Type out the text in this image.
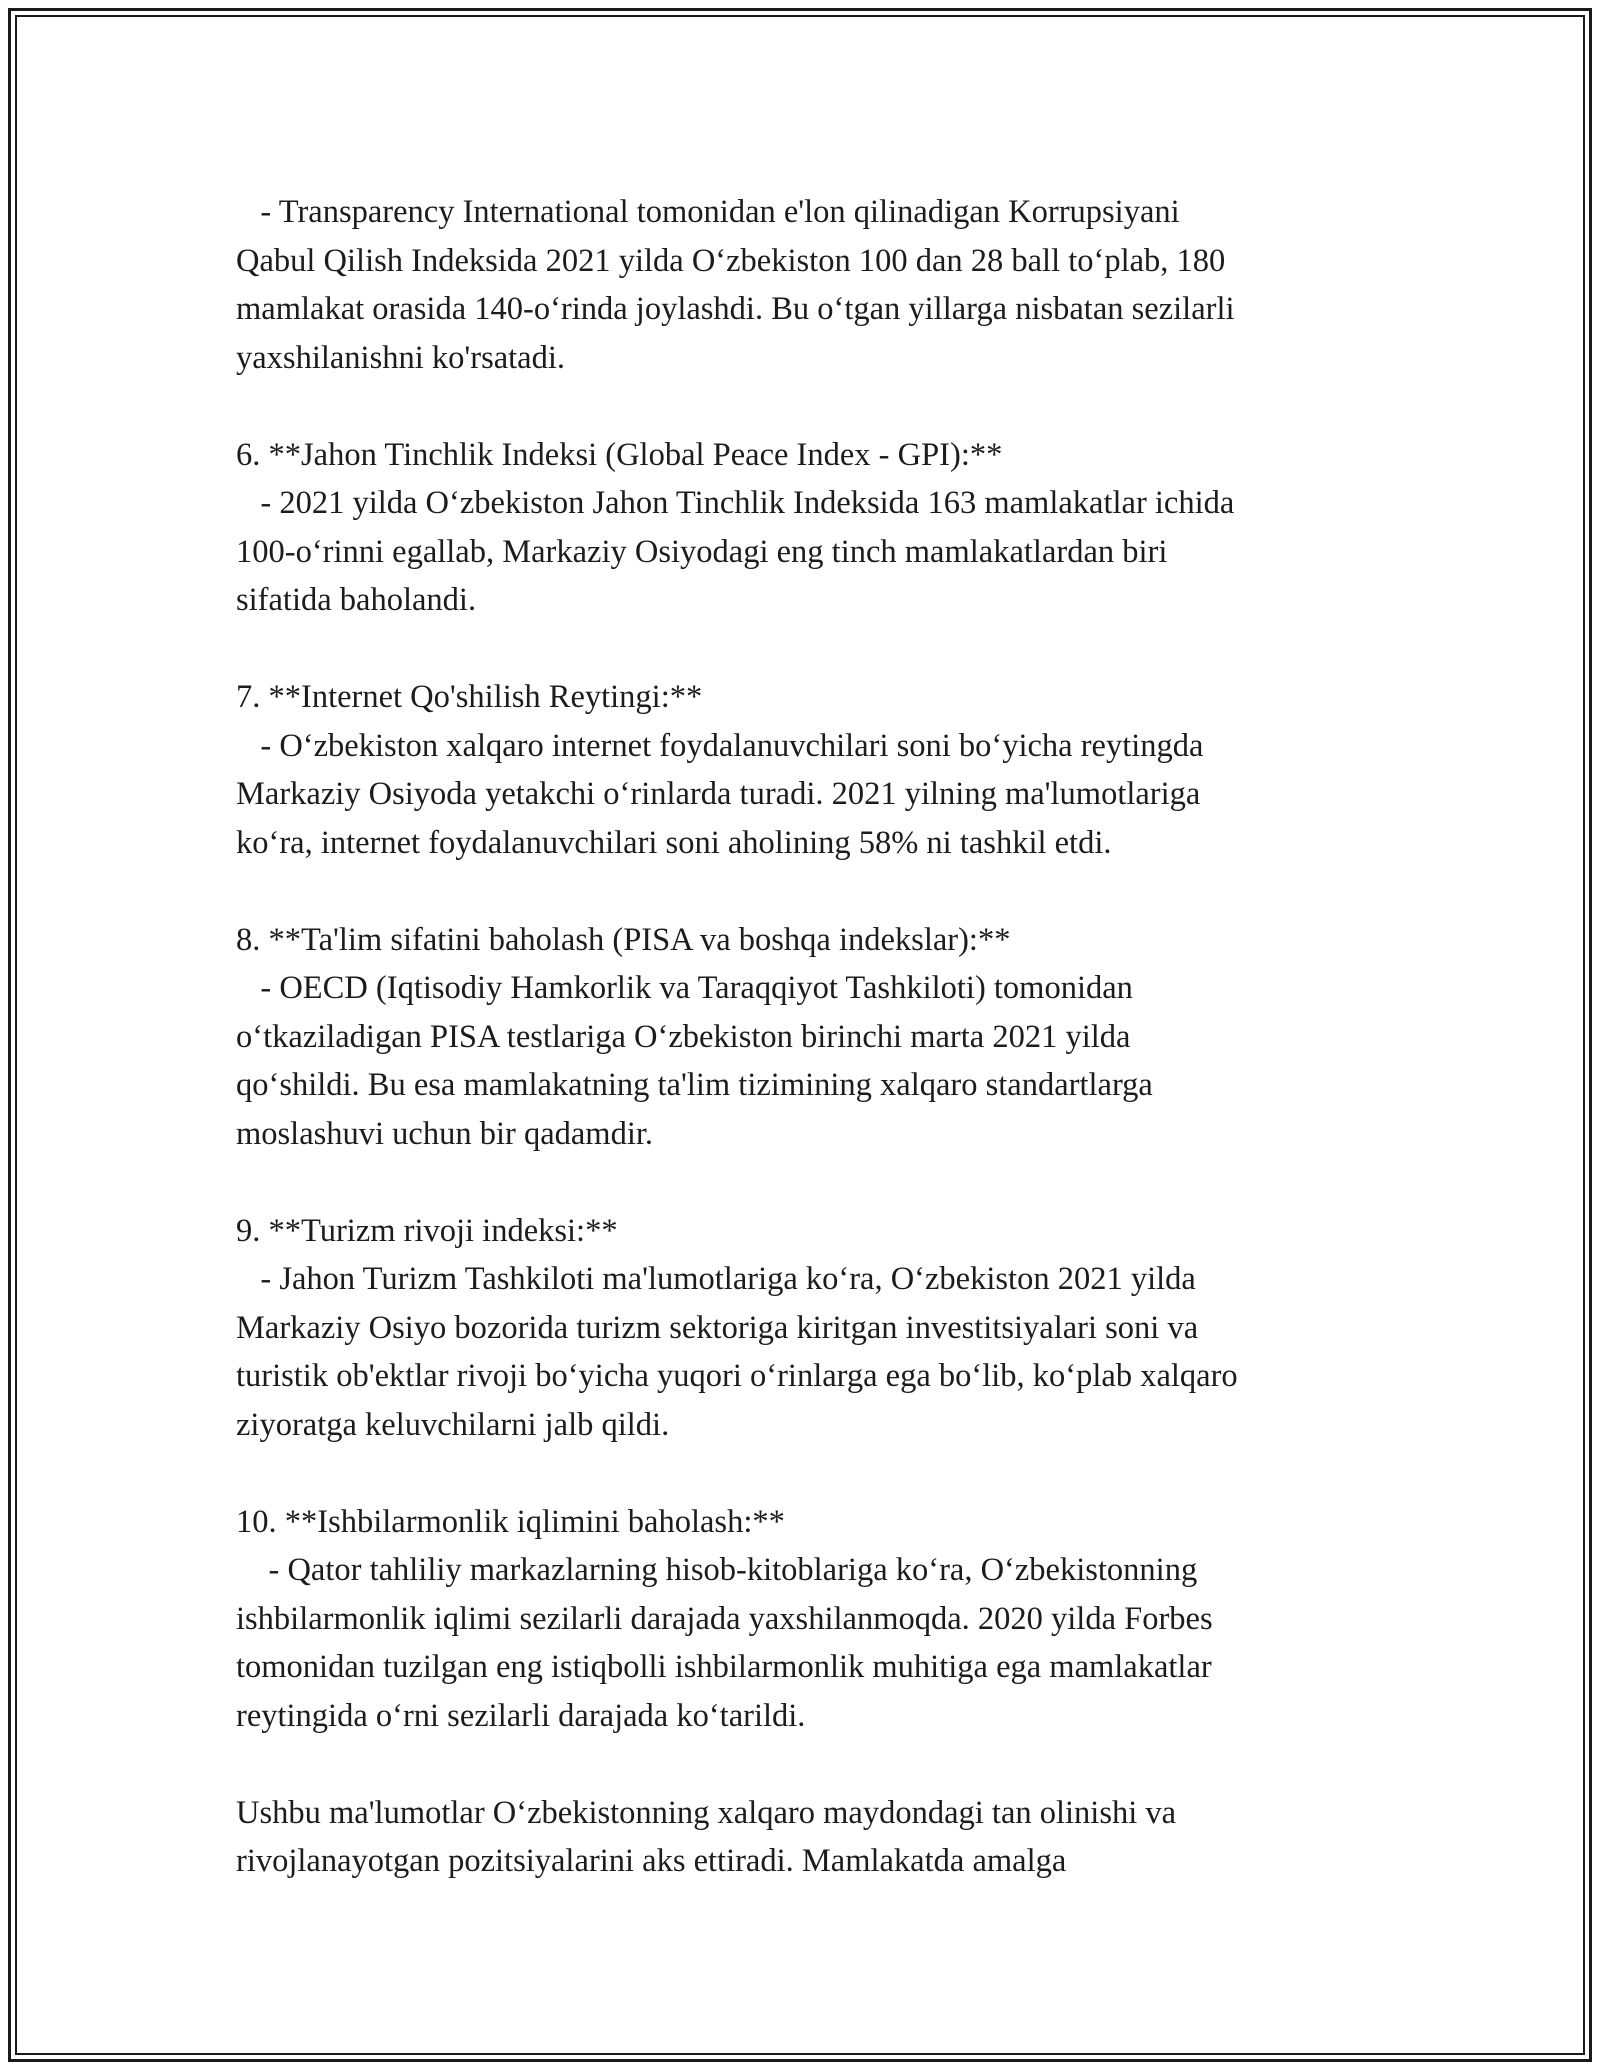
- Transparency International tomonidan e'lon qilinadigan Korrupsiyani
Qabul Qilish Indeksida 2021 yilda O‘zbekiston 100 dan 28 ball to‘plab, 180
mamlakat orasida 140-o‘rinda joylashdi. Bu o‘tgan yillarga nisbatan sezilarli
yaxshilanishni ko'rsatadi.
6. **Jahon Tinchlik Indeksi (Global Peace Index - GPI):**
- 2021 yilda O‘zbekiston Jahon Tinchlik Indeksida 163 mamlakatlar ichida
100-o‘rinni egallab, Markaziy Osiyodagi eng tinch mamlakatlardan biri
sifatida baholandi.
7. **Internet Qo'shilish Reytingi:**
- O‘zbekiston xalqaro internet foydalanuvchilari soni bo‘yicha reytingda
Markaziy Osiyoda yetakchi o‘rinlarda turadi. 2021 yilning ma'lumotlariga
ko‘ra, internet foydalanuvchilari soni aholining 58% ni tashkil etdi.
8. **Ta'lim sifatini baholash (PISA va boshqa indekslar):**
- OECD (Iqtisodiy Hamkorlik va Taraqqiyot Tashkiloti) tomonidan
o‘tkaziladigan PISA testlariga O‘zbekiston birinchi marta 2021 yilda
qo‘shildi. Bu esa mamlakatning ta'lim tizimining xalqaro standartlarga
moslashuvi uchun bir qadamdir.
9. **Turizm rivoji indeksi:**
- Jahon Turizm Tashkiloti ma'lumotlariga ko‘ra, O‘zbekiston 2021 yilda
Markaziy Osiyo bozorida turizm sektoriga kiritgan investitsiyalari soni va
turistik ob'ektlar rivoji bo‘yicha yuqori o‘rinlarga ega bo‘lib, ko‘plab xalqaro
ziyoratga keluvchilarni jalb qildi.
10. **Ishbilarmonlik iqlimini baholash:**
- Qator tahliliy markazlarning hisob-kitoblariga ko‘ra, O‘zbekistonning
ishbilarmonlik iqlimi sezilarli darajada yaxshilanmoqda. 2020 yilda Forbes
tomonidan tuzilgan eng istiqbolli ishbilarmonlik muhitiga ega mamlakatlar
reytingida o‘rni sezilarli darajada ko‘tarildi.
Ushbu ma'lumotlar O‘zbekistonning xalqaro maydondagi tan olinishi va
rivojlanayotgan pozitsiyalarini aks ettiradi. Mamlakatda amalga
